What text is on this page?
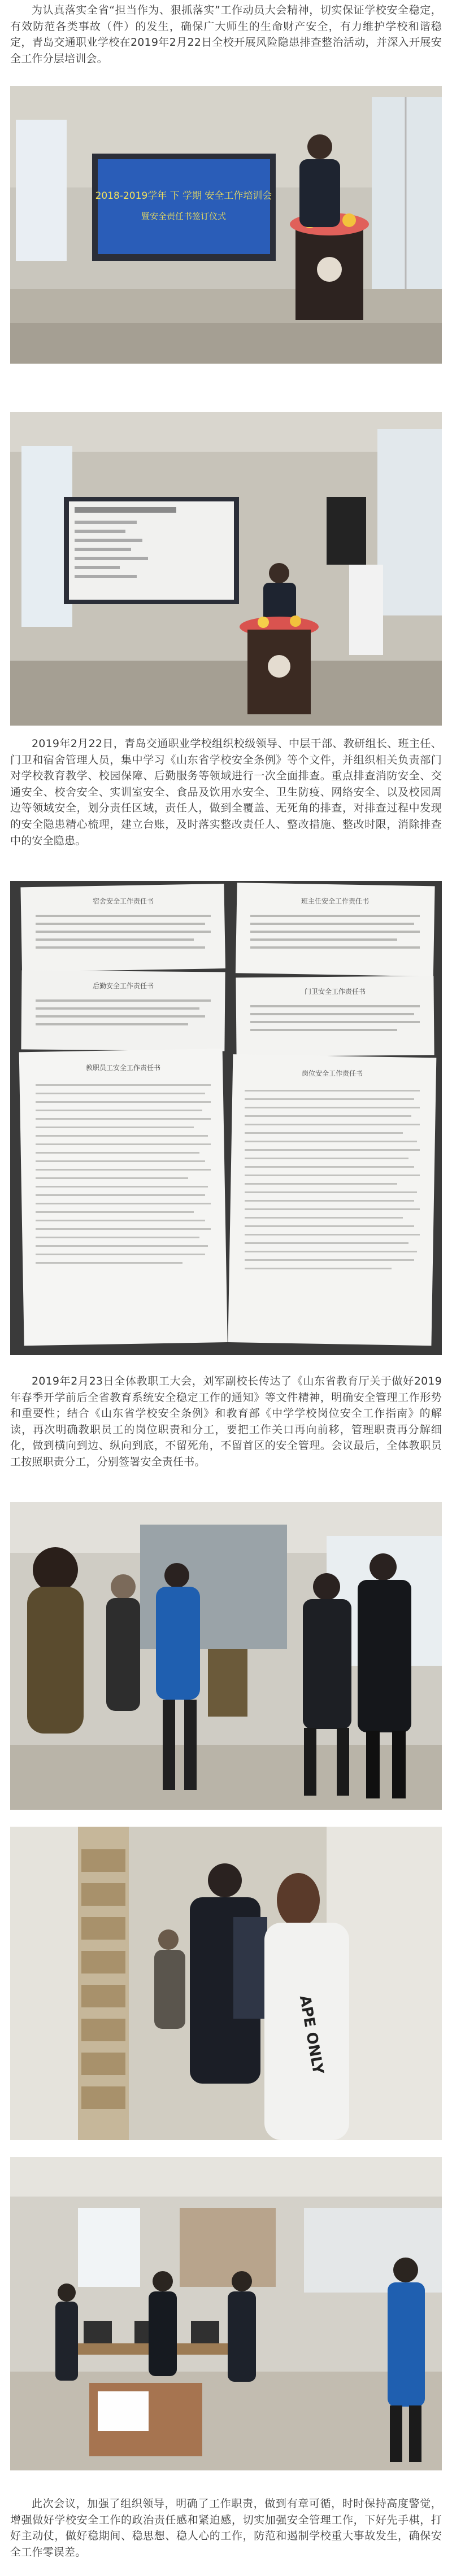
为认真落实全省“担当作为、狠抓落实”工作动员大会精神，切实保证学校安全稳定，有效防范各类事故（件）的发生，确保广大师生的生命财产安全，有力维护学校和谐稳定，青岛交通职业学校在2019年2月22日全校开展风险隐患排查整治活动，并深入开展安全工作分层培训会。

2018-2019学年 下 学期 安全工作培训会
暨安全责任书签订仪式

2019年2月22日，青岛交通职业学校组织校级领导、中层干部、教研组长、班主任、门卫和宿舍管理人员，集中学习《山东省学校安全条例》等个文件，并组织相关负责部门对学校教育教学、校园保障、后勤服务等领域进行一次全面排查。重点排查消防安全、交通安全、校舍安全、实训室安全、食品及饮用水安全、卫生防疫、网络安全、以及校园周边等领域安全，划分责任区域，责任人，做到全覆盖、无死角的排查，对排查过程中发现的安全隐患精心梳理，建立台账，及时落实整改责任人、整改措施、整改时限，消除排查中的安全隐患。

宿舍安全工作责任书	班主任安全工作责任书
后勤安全工作责任书
门卫安全工作责任书
教职员工安全工作责任书
岗位安全工作责任书

2019年2月23日全体教职工大会，刘军副校长传达了《山东省教育厅关于做好2019 年春季开学前后全省教育系统安全稳定工作的通知》等文件精神，明确安全管理工作形势和重要性；结合《山东省学校安全条例》和教育部《中学学校岗位安全工作指南》的解读，再次明确教职员工的岗位职责和分工，要把工作关口再向前移，管理职责再分解细化，做到横向到边、纵向到底，不留死角，不留首区的安全管理。会议最后，全体教职员工按照职责分工，分别签署安全责任书。

APE ONLY

此次会议，加强了组织领导，明确了工作职责，做到有章可循，时时保持高度警觉，增强做好学校安全工作的政治责任感和紧迫感，切实加强安全管理工作，下好先手棋，打好主动仗，做好稳期间、稳思想、稳人心的工作，防范和遏制学校重大事故发生，确保安全工作零误差。
